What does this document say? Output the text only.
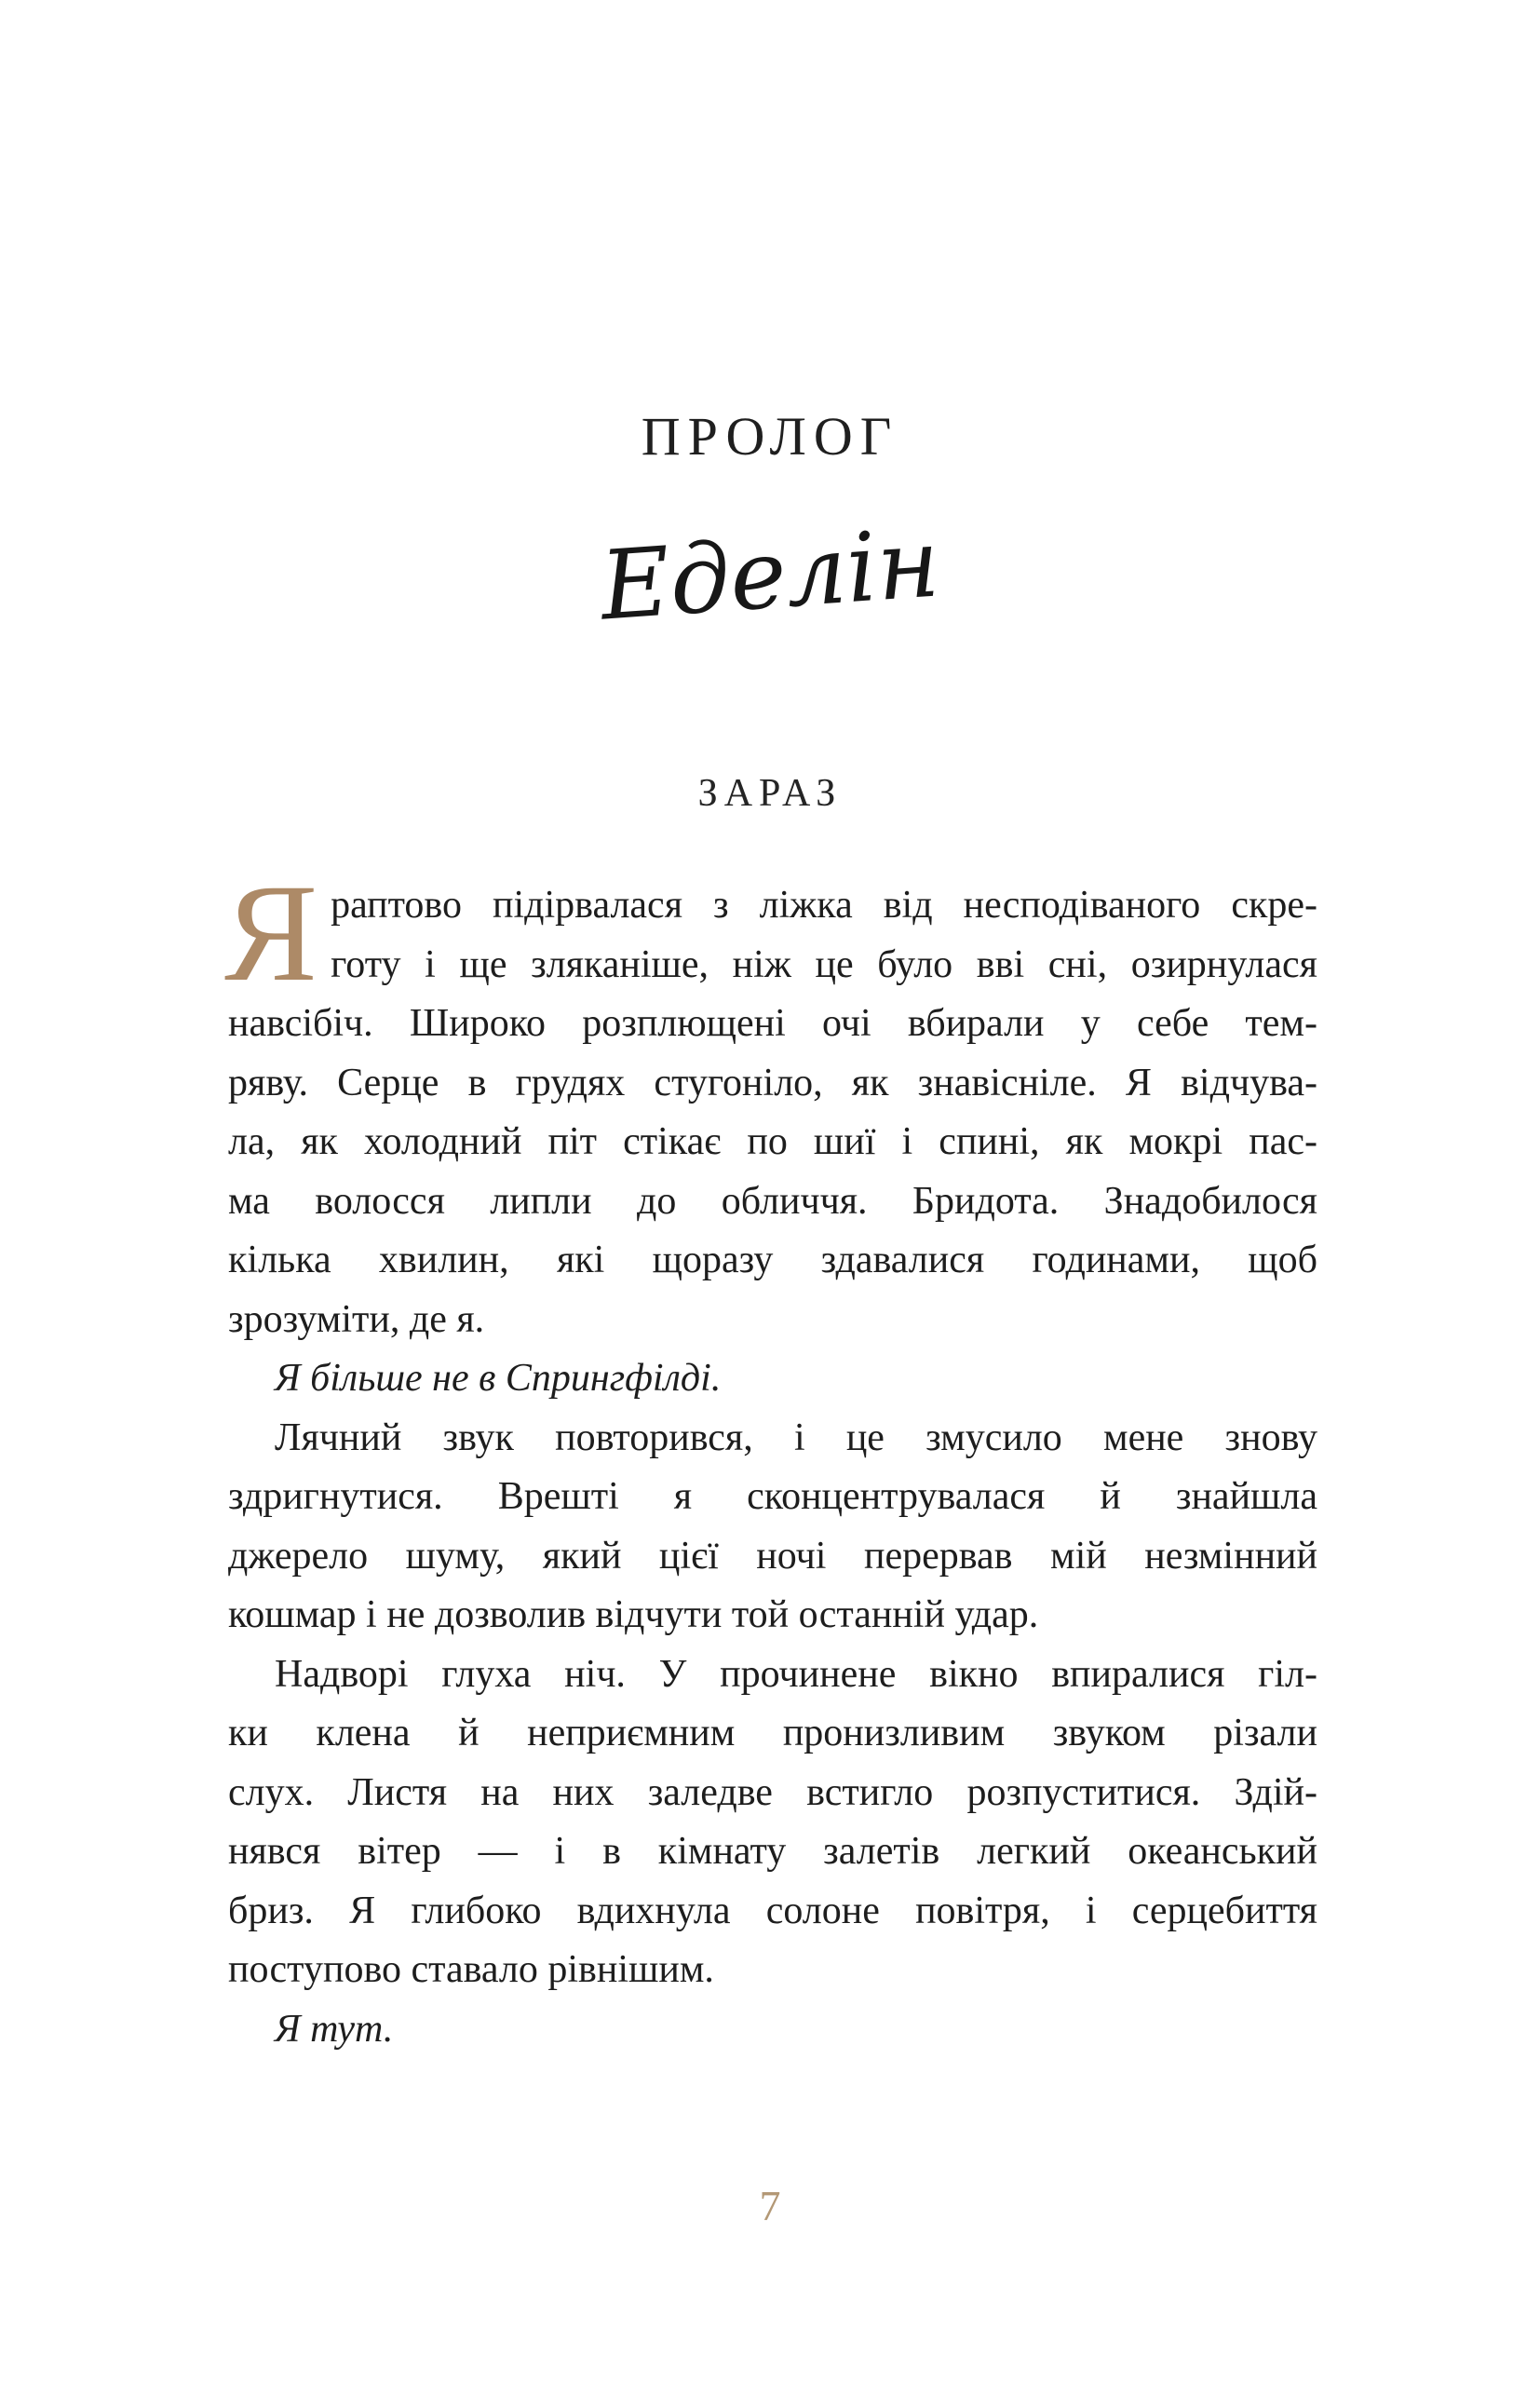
ПРОЛОГ
Еделін
ЗАРАЗ
Я раптово підірвалася з ліжка від несподіваного скре-
готу і ще зляканіше, ніж це було вві сні, озирнулася
навсібіч. Широко розплющені очі вбирали у себе тем-
ряву. Серце в грудях стугоніло, як знавісніле. Я відчува-
ла, як холодний піт стікає по шиї і спині, як мокрі пас-
ма волосся липли до обличчя. Бридота. Знадобилося
кілька хвилин, які щоразу здавалися годинами, щоб
зрозуміти, де я.
Я більше не в Спрингфілді.
Лячний звук повторився, і це змусило мене знову
здригнутися. Врешті я сконцентрувалася й знайшла
джерело шуму, який цієї ночі перервав мій незмінний
кошмар і не дозволив відчути той останній удар.
Надворі глуха ніч. У прочинене вікно впиралися гіл-
ки клена й неприємним пронизливим звуком різали
слух. Листя на них заледве встигло розпуститися. Здій-
нявся вітер — і в кімнату залетів легкий океанський
бриз. Я глибоко вдихнула солоне повітря, і серцебиття
поступово ставало рівнішим.
Я тут.
7
